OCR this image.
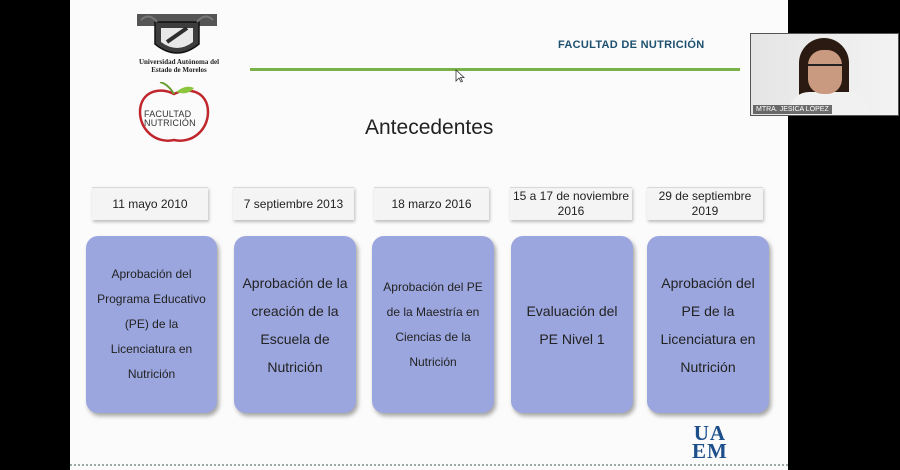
Universidad Autónoma del
Estado de Morelos
FACULTAD
NUTRICIÓN
FACULTAD DE NUTRICIÓN
Antecedentes
11 mayo 2010	7 septiembre 2013	18 marzo 2016
15 a 17 de noviembre 2016
29 de septiembre 2019
Aprobación del Programa Educativo (PE) de la Licenciatura en Nutrición
Aprobación de la creación de la Escuela de Nutrición
Aprobación del PE de la Maestría en Ciencias de la Nutrición
Evaluación del PE Nivel 1
Aprobación del PE de la Licenciatura en Nutrición
UA
EM
MTRA. JESICA LÓPEZ
